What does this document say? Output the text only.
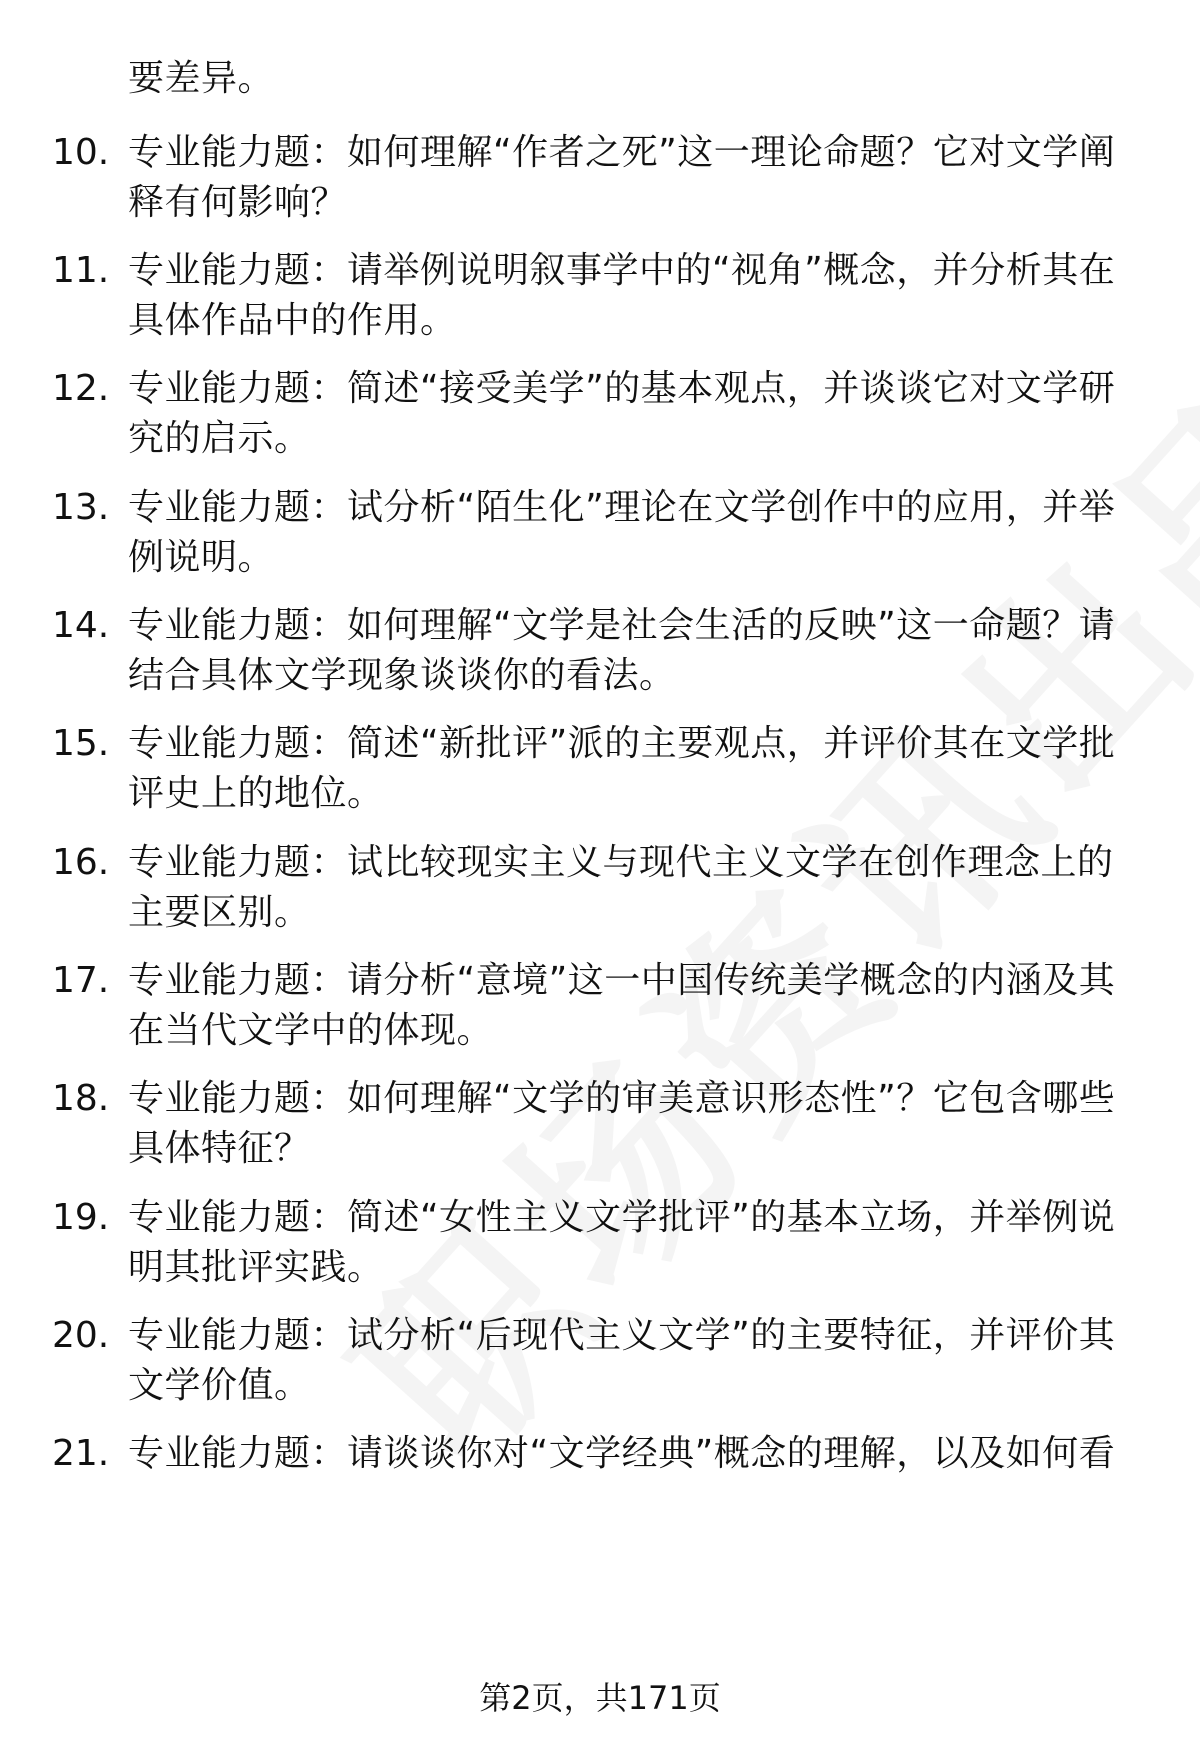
要差异。
10. 专业能力题：如何理解“作者之死”这一理论命题？它对文学阐释有何影响？
11. 专业能力题：请举例说明叙事学中的“视角”概念，并分析其在具体作品中的作用。
12. 专业能力题：简述“接受美学”的基本观点，并谈谈它对文学研究的启示。
13. 专业能力题：试分析“陌生化”理论在文学创作中的应用，并举例说明。
14. 专业能力题：如何理解“文学是社会生活的反映”这一命题？请结合具体文学现象谈谈你的看法。
15. 专业能力题：简述“新批评”派的主要观点，并评价其在文学批评史上的地位。
16. 专业能力题：试比较现实主义与现代主义文学在创作理念上的主要区别。
17. 专业能力题：请分析“意境”这一中国传统美学概念的内涵及其在当代文学中的体现。
18. 专业能力题：如何理解“文学的审美意识形态性”？它包含哪些具体特征？
19. 专业能力题：简述“女性主义文学批评”的基本立场，并举例说明其批评实践。
20. 专业能力题：试分析“后现代主义文学”的主要特征，并评价其文学价值。
21. 专业能力题：请谈谈你对“文学经典”概念的理解，以及如何看
第2页，共171页
